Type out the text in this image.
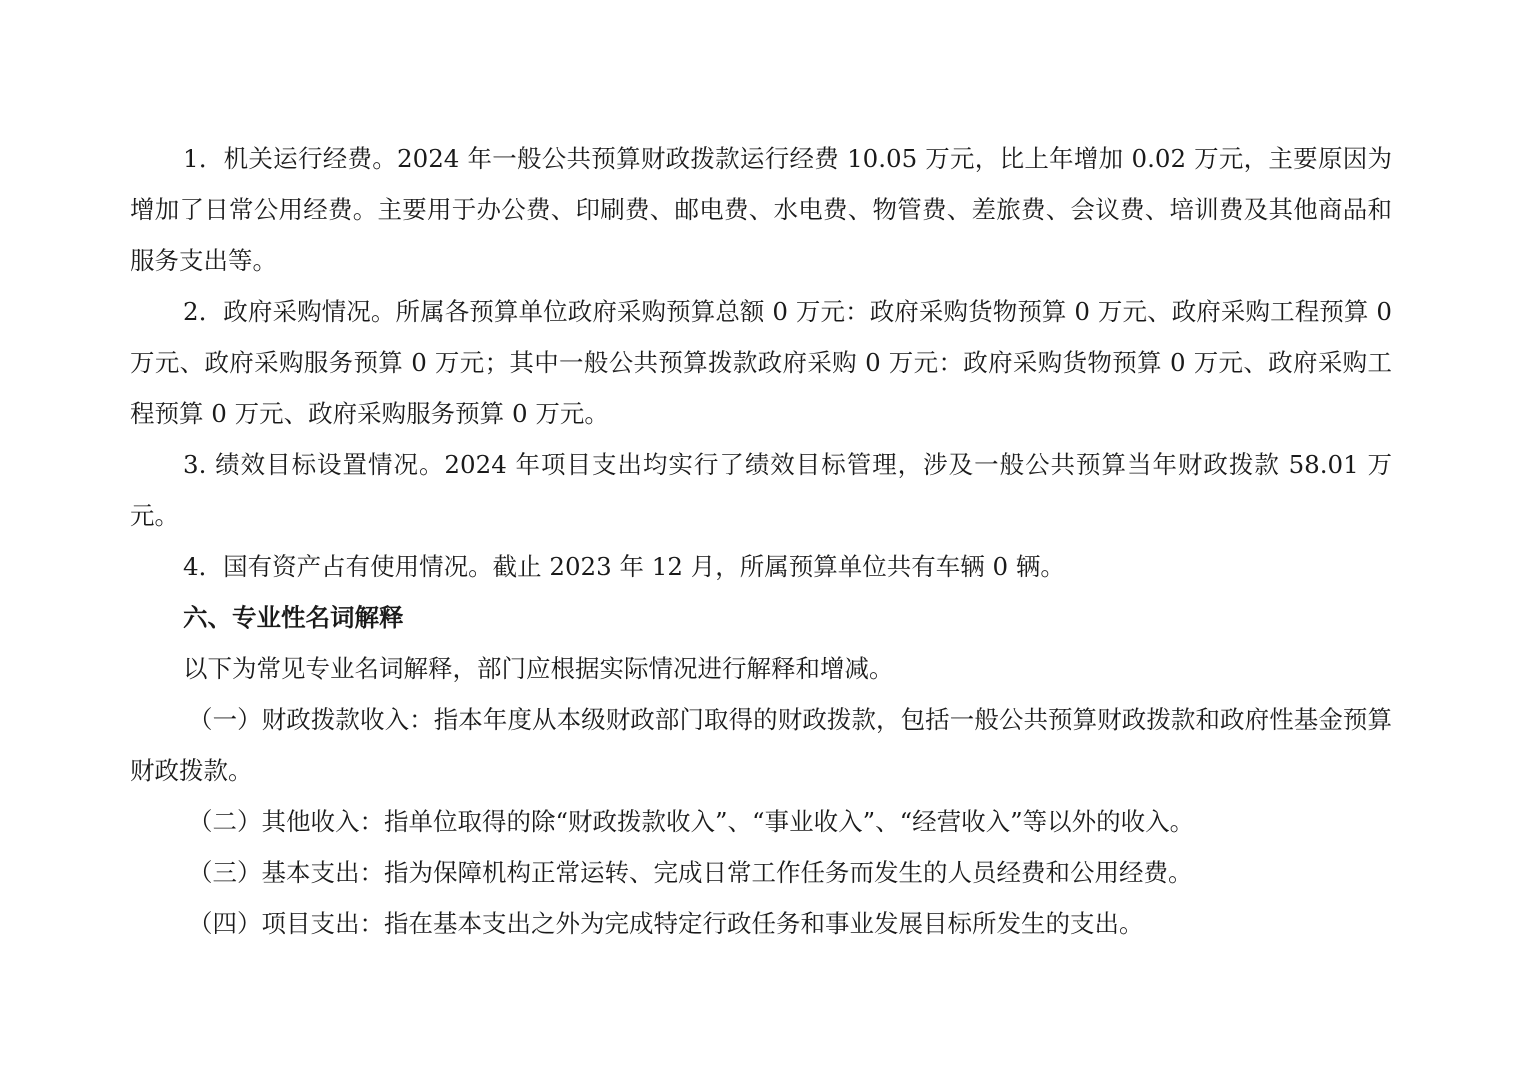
1．机关运行经费。2024 年一般公共预算财政拨款运行经费 10.05 万元，比上年增加 0.02 万元，主要原因为增加了日常公用经费。主要用于办公费、印刷费、邮电费、水电费、物管费、差旅费、会议费、培训费及其他商品和服务支出等。

2．政府采购情况。所属各预算单位政府采购预算总额 0 万元：政府采购货物预算 0 万元、政府采购工程预算 0 万元、政府采购服务预算 0 万元；其中一般公共预算拨款政府采购 0 万元：政府采购货物预算 0 万元、政府采购工程预算 0 万元、政府采购服务预算 0 万元。

3. 绩效目标设置情况。2024 年项目支出均实行了绩效目标管理，涉及一般公共预算当年财政拨款 58.01 万元。

4．国有资产占有使用情况。截止 2023 年 12 月，所属预算单位共有车辆 0 辆。

六、专业性名词解释

以下为常见专业名词解释，部门应根据实际情况进行解释和增减。

（一）财政拨款收入：指本年度从本级财政部门取得的财政拨款，包括一般公共预算财政拨款和政府性基金预算财政拨款。

（二）其他收入：指单位取得的除“财政拨款收入”、“事业收入”、“经营收入”等以外的收入。

（三）基本支出：指为保障机构正常运转、完成日常工作任务而发生的人员经费和公用经费。

（四）项目支出：指在基本支出之外为完成特定行政任务和事业发展目标所发生的支出。
